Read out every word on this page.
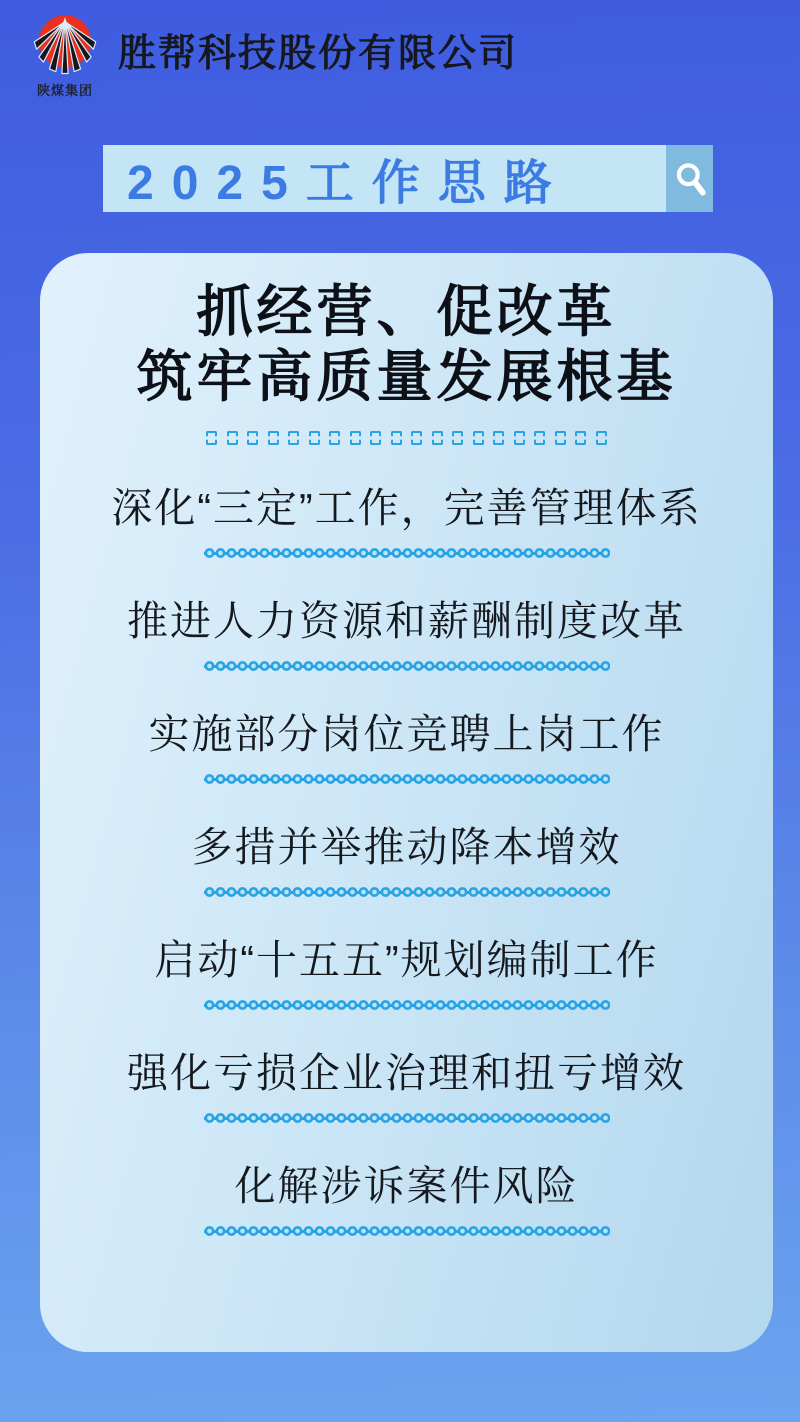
陕煤集团
胜帮科技股份有限公司
2025工作思路
抓经营、促改革
筑牢高质量发展根基
深化“三定”工作，完善管理体系
推进人力资源和薪酬制度改革
实施部分岗位竞聘上岗工作
多措并举推动降本增效
启动“十五五”规划编制工作
强化亏损企业治理和扭亏增效
化解涉诉案件风险
